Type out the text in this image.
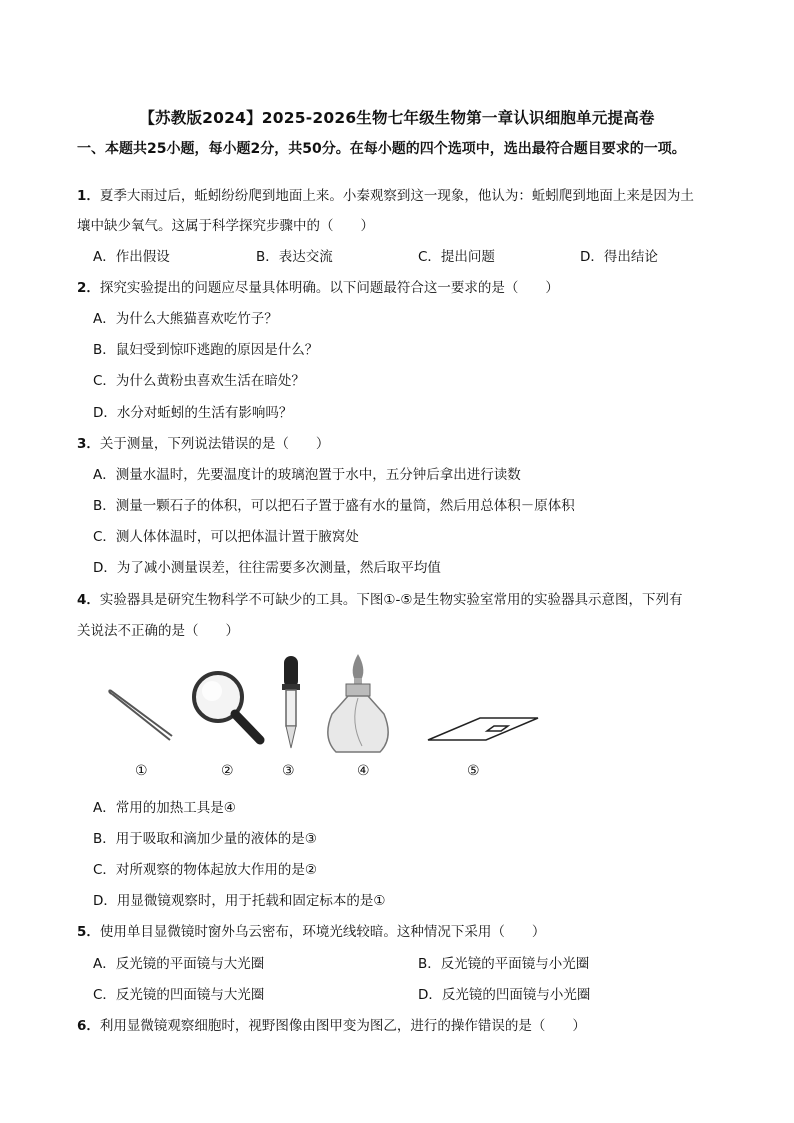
【苏教版2024】2025-2026生物七年级生物第一章认识细胞单元提高卷
一、本题共25小题，每小题2分，共50分。在每小题的四个选项中，选出最符合题目要求的一项。
1．夏季大雨过后，蚯蚓纷纷爬到地面上来。小秦观察到这一现象，他认为：蚯蚓爬到地面上来是因为土
壤中缺少氧气。这属于科学探究步骤中的（　　）
A．作出假设	B．表达交流	C．提出问题	D．得出结论
2．探究实验提出的问题应尽量具体明确。以下问题最符合这一要求的是（　　）
A．为什么大熊猫喜欢吃竹子？
B．鼠妇受到惊吓逃跑的原因是什么？
C．为什么黄粉虫喜欢生活在暗处？
D．水分对蚯蚓的生活有影响吗？
3．关于测量，下列说法错误的是（　　）
A．测量水温时，先要温度计的玻璃泡置于水中，五分钟后拿出进行读数
B．测量一颗石子的体积，可以把石子置于盛有水的量筒，然后用总体积－原体积
C．测人体体温时，可以把体温计置于腋窝处
D．为了减小测量误差，往往需要多次测量，然后取平均值
4．实验器具是研究生物科学不可缺少的工具。下图①-⑤是生物实验室常用的实验器具示意图，下列有
关说法不正确的是（　　）
①	②	③	④	⑤
A．常用的加热工具是④
B．用于吸取和滴加少量的液体的是③
C．对所观察的物体起放大作用的是②
D．用显微镜观察时，用于托载和固定标本的是①
5．使用单目显微镜时窗外乌云密布，环境光线较暗。这种情况下采用（　　）
A．反光镜的平面镜与大光圈	B．反光镜的平面镜与小光圈
C．反光镜的凹面镜与大光圈	D．反光镜的凹面镜与小光圈
6．利用显微镜观察细胞时，视野图像由图甲变为图乙，进行的操作错误的是（　　）
